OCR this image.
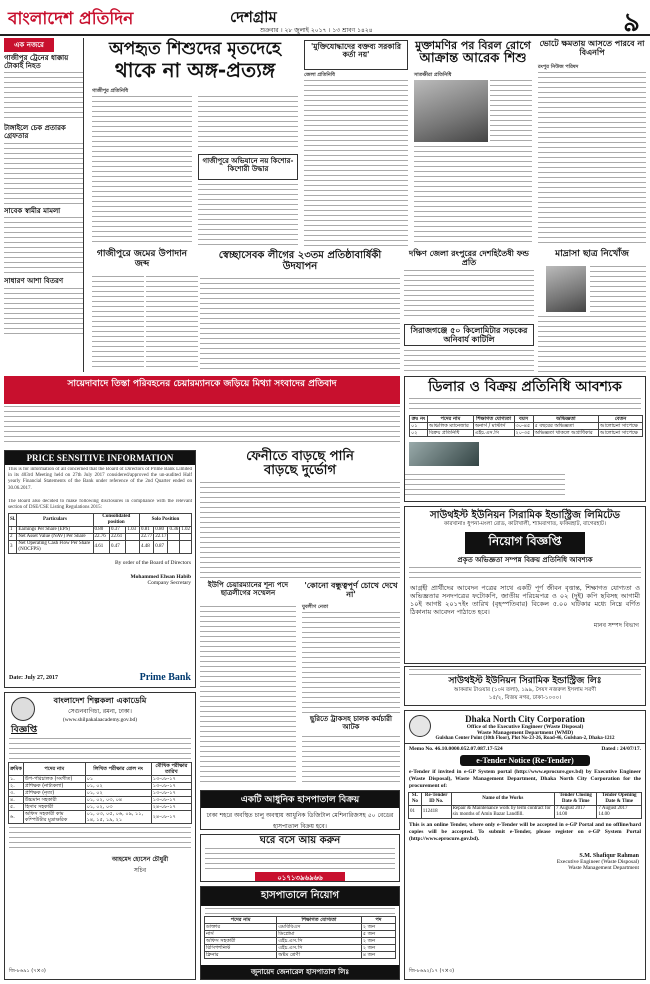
বাংলাদেশ প্রতিদিন	দেশগ্রাম
শুক্রবার । ২৮ জুলাই ২০১৭ । ১৩ শ্রাবণ ১৪২৪	৯
এক নজরে
গাজীপুর ট্রেনের ধাক্কায় টোকাই নিহত
টাঙ্গাইলে চেক প্রতারক গ্রেফতার
সাবেক স্বামীর মামলা
সাধারণ আশা বিতরণ
অপহৃত শিশুদের মৃতদেহে
থাকে না অঙ্গ-প্রত্যঙ্গ
গাজীপুর প্রতিনিধি
গাজীপুরে অভিযানে নয় কিশোর-কিশোরী উদ্ধার
গাজীপুরে জমের উপাদান জব্দ
স্বেচ্ছাসেবক লীগের ২৩তম প্রতিষ্ঠাবার্ষিকী উদযাপন
'মুক্তিযোদ্ধাদের বক্তব্য সরকারি কর্তা নয়'
জেলা প্রতিনিধি
মুক্তামণির পর বিরল রোগে
আক্রান্ত আরেক শিশু
সাতক্ষীরা প্রতিনিধি
ভোটে ক্ষমতায় আসতে পারবে না বিএনপি
রংপুর নিউজ পরিষদ
দক্ষিণ জেলা রংপুরের দেশহিতৈষী ফন্ড প্রতি
সিরাজগঞ্জে ৫০ কিলোমিটার সড়কের অনিবার্য কাটিলি
মাদ্রাসা ছাত্র নিখোঁজ
সায়েদাবাদে তিস্তা পরিবহনের চেয়ারম্যানকে জড়িয়ে মিথ্যা সংবাদের প্রতিবাদ	ডিলার ও বিক্রয় প্রতিনিধি আবশ্যক
ক্রঃ নং	পদের নাম	শিক্ষাগত যোগ্যতা	বয়স	অভিজ্ঞতা	বেতন
০১	আঞ্চলিক ম্যানেজার	অনার্স / মাস্টার্স	৩০-৪৫	৫ বছরের অভিজ্ঞতা	আলোচনা সাপেক্ষে
০২	বিক্রয় প্রতিনিধি	এইচ.এস.সি	২০-৩৫	অভিজ্ঞতা থাকলে অগ্রাধিকার	আলোচনা সাপেক্ষে

ফেনীতে বাড়ছে পানি
বাড়ছে দুর্ভোগ
ইউপি চেয়ারম্যানের শূন্য পদে ছাত্রলীগের সম্মেলন
'কোনো বন্ধুত্বপূর্ণ চোখে দেখে না'
যুবলীগ নেতা
ছুরিতে ট্রাকসহ চালক কর্মচারী আটক
PRICE SENSITIVE INFORMATION
This is for information of all concerned that the Board of Directors of Prime Bank Limited in its 403rd Meeting held on 27th July 2017 considered/approved the un-audited Half yearly Financial Statements of the Bank under reference of the 2nd Quarter ended on 30.06.2017.
The Board also decided to make following disclosures in compliance with the relevant section of DSE/CSE Listing Regulations 2015:
Sl.	Particulars	Consolidated position			Solo Position			
1	Earnings Per Share (EPS)	0.80	0.37	1.03	0.81	0.80	0.36	1.02
2	Net Asset Value (NAV) Per Share	22.76	22.61		22.77	22.17		
3	Net Operating Cash Flow Per Share (NOCFPS)	4.61	0.47		4.48	0.87		
By order of the Board of Directors
Mohammed Ehsan Habib
Company Secretary
Date: July 27, 2017	Prime Bank
বাংলাদেশ শিল্পকলা একাডেমি
সেগুনবাগিচা, রমনা, ঢাকা।
(www.shilpakalaacademy.gov.bd)
বিজ্ঞপ্তি
ক্রমিক	পদের নাম	লিখিত পরীক্ষার রোল নং	মৌখিক পরীক্ষার তারিখ
১.	উপ-পরিচালক (সংগীত)	০১	১৩-০৮-১৭
২.	প্রশিক্ষক (নাট্যকলা)	০১, ০২	১৩-০৮-১৭
৩.	প্রশিক্ষক (নৃত্য)	০১, ০২	১৩-০৮-১৭
৪.	উচ্চমান সহকারী	০১, ০২, ০৩, ০৪	১৩-০৮-১৭
৫.	হিসাব সহকারী	০১, ০২, ০৩	২৪-০৮-১৭
৬.	অফিস সহকারী কাম কম্পিউটার মুদ্রাক্ষরিক	০১, ০৩, ০৫, ০৬, ০৯, ১১, ১৪, ১৫, ১৯, ২১	২৪-০৮-১৭
আহমেদ হোসেন চৌধুরী
সচিব
জি-৮৬৯১ (৭×৩)
সাউথইস্ট ইউনিয়ন সিরামিক ইন্ডাস্ট্রিজ লিমিটেড
কারখানাঃ ধুপনা-মংলা রোড, কাটাখালী, শ্যামবাগাত, ফকিরহাট, বাগেরহাট।
নিয়োগ বিজ্ঞপ্তি
প্রকৃত অভিজ্ঞতা সম্পন্ন বিক্রয় প্রতিনিধি আবশ্যক
আগ্রহী প্রার্থীদের আবেদন পত্রের সাথে একটি পূর্ণ জীবন বৃত্তান্ত, শিক্ষাগত যোগ্যতা ও অভিজ্ঞতার সনদপত্রের ফটোকপি, জাতীয় পরিচয়পত্র ও ০২ (দুই) কপি ছবিসহ আগামী ১০ই আগষ্ট ২০১৭ইং তারিখ (বৃহস্পতিবার) বিকেল ৫.০০ ঘটিকার মধ্যে নিম্নে বর্ণিত ঠিকানায় আবেদন পাঠাতে হবে।
মানব সম্পদ বিভাগ
সাউথইস্ট ইউনিয়ন সিরামিক ইন্ডাস্ট্রিজ লিঃ
আকরাম টাওয়ার (১০ম তলা), ১৯৯, সৈয়দ নজরুল ইসলাম সরণী
১৫/২, বিজয় নগর, ঢাকা-১০০০।
একটি আধুনিক হাসপাতাল বিক্রয়
ঢাকা শহরে অবস্থিত চালু অবস্থায় আধুনিক ডিজিটাল মেশিনারিজসহ ৫০ বেডের হাসপাতাল বিক্রয় হবে।
ঘরে বসে আয় করুন
০১৭১৩৯৬৯৬৬
হাসপাতালে নিয়োগ
পদের নাম	শিক্ষাগত যোগ্যতা	পদ
ডাক্তার	এমবিবিএস	২ জন
নার্স	ডিপ্লোমা	৫ জন
অফিস সহকারী	এইচ.এস.সি	২ জন
রিসিপশনিস্ট	এইচ.এস.সি	২ জন
ক্লিনার	অষ্টম শ্রেণী	৪ জন
জুনায়েদ জেনারেল হাসপাতাল লিঃ
Dhaka North City Corporation
Office of the Executive Engineer (Waste Disposal)
Waste Management Department (WMD)
Gulshan Center Point (10th Floor), Plot No-23-26, Road-46, Gulshan-2, Dhaka-1212
Memo No. 46.10.0000.052.07.087.17-524	Dated : 24/07/17.
e-Tender Notice (Re-Tender)
e-Tender if invited in e-GP System portal (http://www.eprocure.gov.bd) by Executive Engineer (Waste Disposal), Waste Management Department, Dhaka North City Corporation for the procurement of:
SL No	Re-Tender ID No.	Name of the Works	Tender Closing Date & Time	Tender Opening Date & Time
01	112418	Repair & Maintenance work by term contract for six months of Amin Bazar Landfill.	7 August 2017 14.00	7 August 2017 14.00
This is an online Tender, where only e-Tender will be accepted in e-GP Portal and no offline/hard copies will be accepted. To submit e-Tender, please register on e-GP System Portal (http://www.eprocure.gov.bd).
S.M. Shafiqur Rahman
Executive Engineer (Waste Disposal)
Waste Management Department
জি-৮৬৯২/১৭ (৭×৩)
